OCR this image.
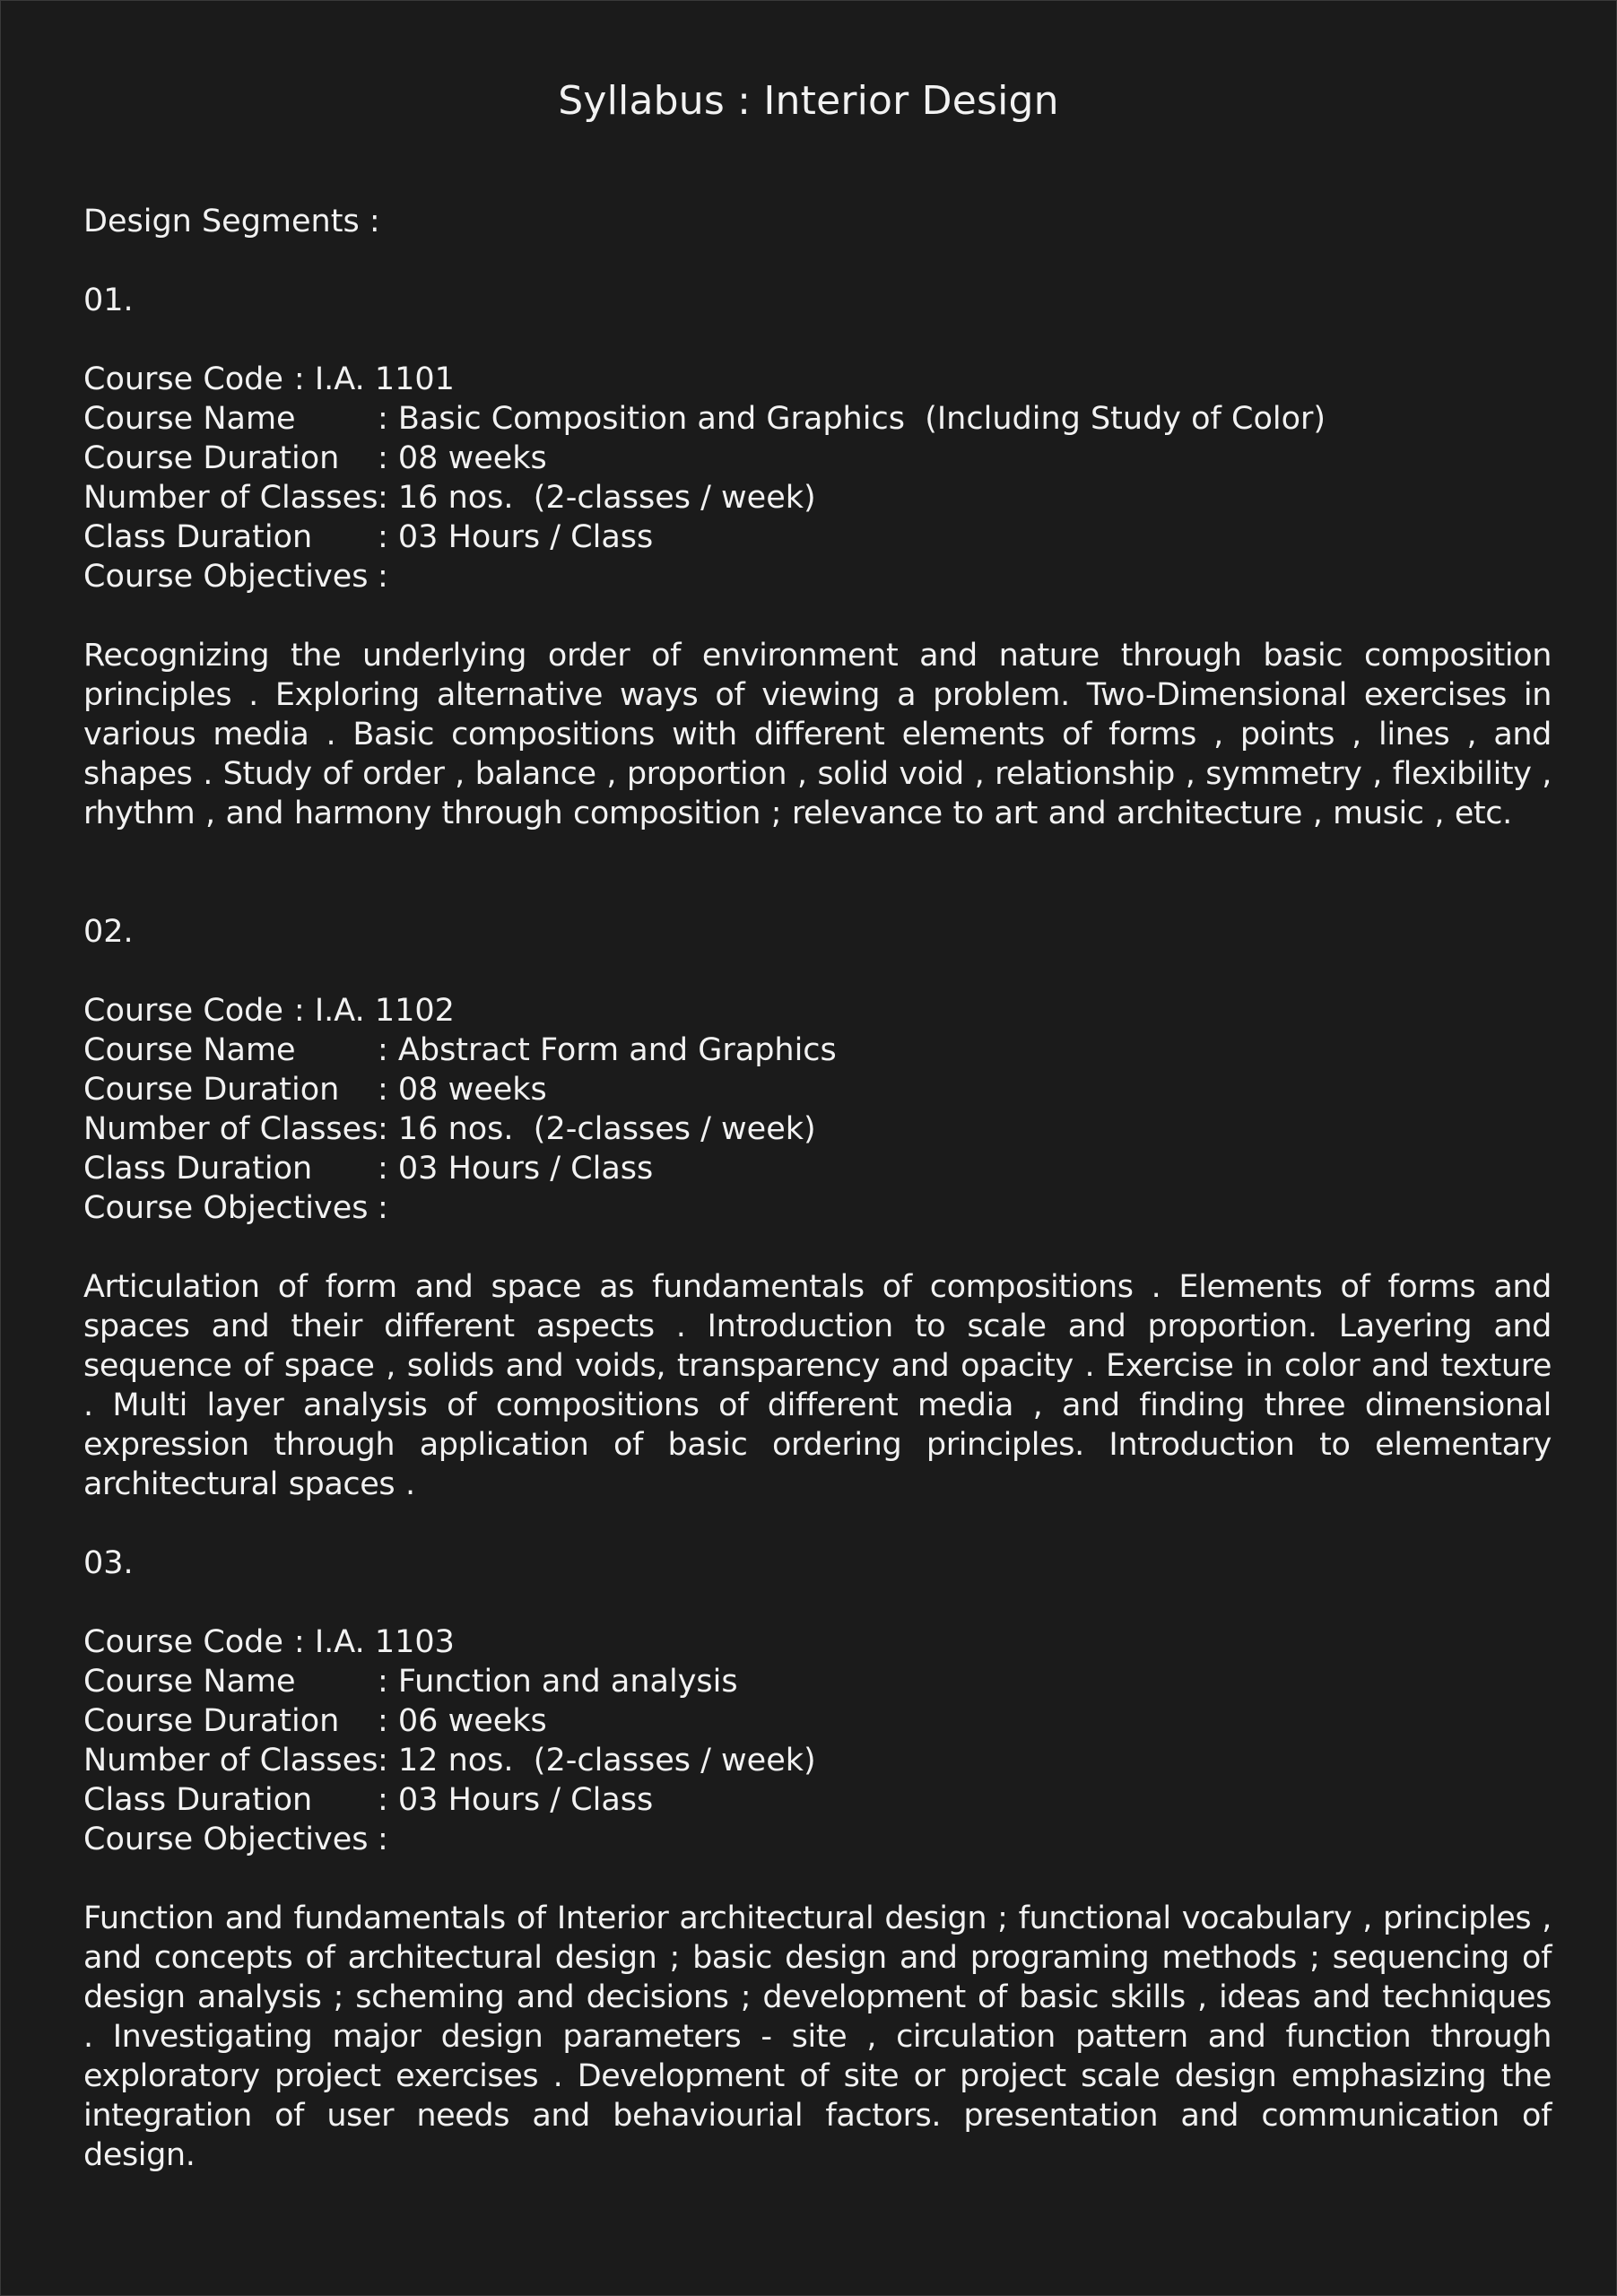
Syllabus : Interior Design
Design Segments :
01.
Course Code : I.A. 1101
Course Name	: Basic Composition and Graphics  (Including Study of Color)
Course Duration	: 08 weeks
Number of Classes : 16 nos.  (2-classes / week)
Class Duration	: 03 Hours / Class
Course Objectives :
Recognizing the underlying order of environment and nature through basic composition principles . Exploring alternative ways of viewing a problem. Two-Dimensional exercises in various media . Basic compositions with different elements of forms , points , lines , and shapes . Study of order , balance , proportion , solid void , relationship , symmetry , flexibility , rhythm , and harmony through composition ; relevance to art and architecture , music , etc.
02.
Course Code : I.A. 1102
Course Name	: Abstract Form and Graphics
Course Duration	: 08 weeks
Number of Classes : 16 nos.  (2-classes / week)
Class Duration	: 03 Hours / Class
Course Objectives :
Articulation of form and space as fundamentals of compositions . Elements of forms and spaces and their different aspects . Introduction to scale and proportion. Layering and sequence of space , solids and voids, transparency and opacity . Exercise in color and texture . Multi layer analysis of compositions of different media , and finding three dimensional expression through application of basic ordering principles. Introduction to elementary architectural spaces .
03.
Course Code : I.A. 1103
Course Name	: Function and analysis
Course Duration	: 06 weeks
Number of Classes : 12 nos.  (2-classes / week)
Class Duration	: 03 Hours / Class
Course Objectives :
Function and fundamentals of Interior architectural design ; functional vocabulary , principles , and concepts of architectural design ; basic design and programing methods ; sequencing of design analysis ; scheming and decisions ; development of basic skills , ideas and techniques . Investigating major design parameters - site , circulation pattern and function through exploratory project exercises . Development of site or project scale design emphasizing the integration of user needs and behaviourial factors. presentation and communication of design.
